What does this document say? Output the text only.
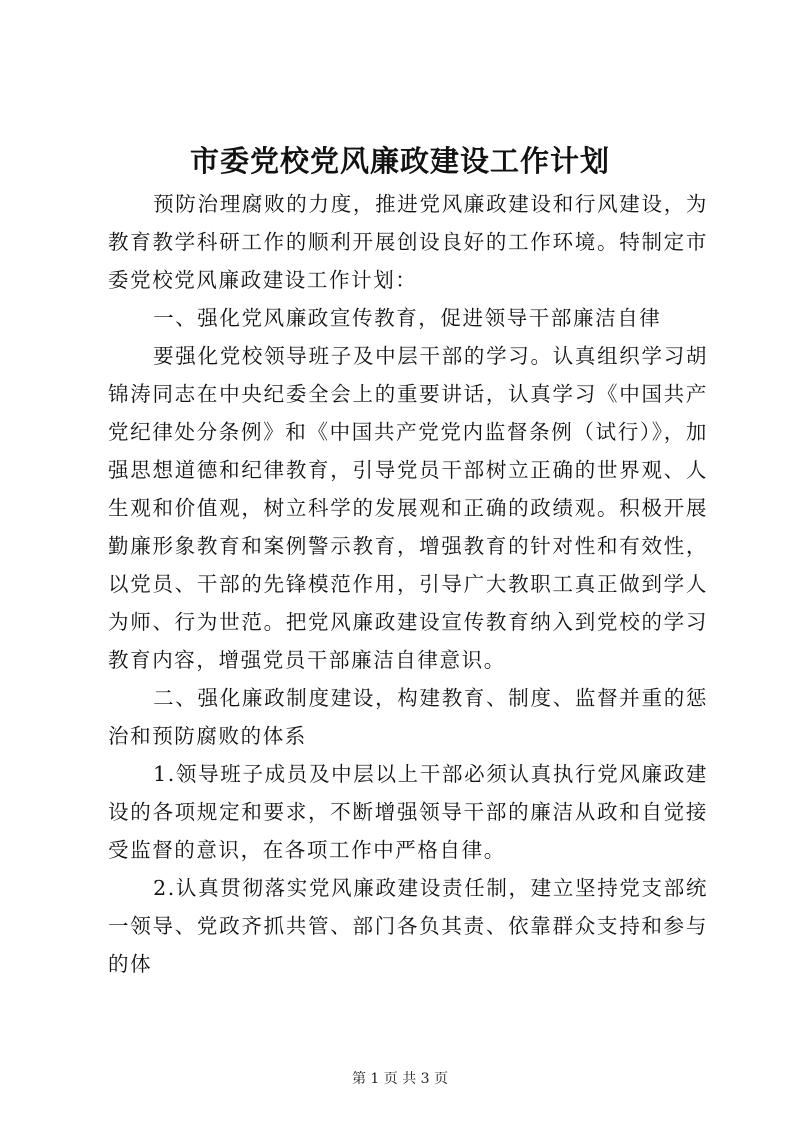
市委党校党风廉政建设工作计划

预防治理腐败的力度，推进党风廉政建设和行风建设，为教育教学科研工作的顺利开展创设良好的工作环境。特制定市委党校党风廉政建设工作计划：

一、强化党风廉政宣传教育，促进领导干部廉洁自律

要强化党校领导班子及中层干部的学习。认真组织学习胡锦涛同志在中央纪委全会上的重要讲话，认真学习《中国共产党纪律处分条例》和《中国共产党党内监督条例（试行）》，加强思想道德和纪律教育，引导党员干部树立正确的世界观、人生观和价值观，树立科学的发展观和正确的政绩观。积极开展勤廉形象教育和案例警示教育，增强教育的针对性和有效性，以党员、干部的先锋模范作用，引导广大教职工真正做到学人为师、行为世范。把党风廉政建设宣传教育纳入到党校的学习教育内容，增强党员干部廉洁自律意识。

二、强化廉政制度建设，构建教育、制度、监督并重的惩治和预防腐败的体系

1.领导班子成员及中层以上干部必须认真执行党风廉政建设的各项规定和要求，不断增强领导干部的廉洁从政和自觉接受监督的意识，在各项工作中严格自律。

2.认真贯彻落实党风廉政建设责任制，建立坚持党支部统一领导、党政齐抓共管、部门各负其责、依靠群众支持和参与的体

第 1 页 共 3 页
